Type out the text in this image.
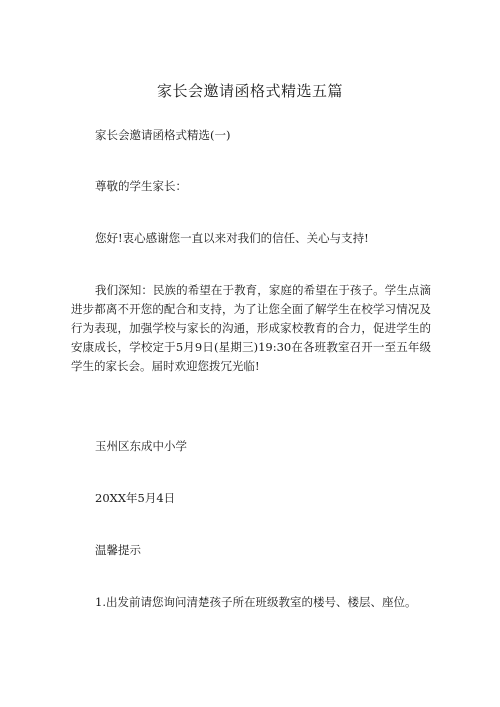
家长会邀请函格式精选五篇
家长会邀请函格式精选(一)
尊敬的学生家长：
您好!衷心感谢您一直以来对我们的信任、关心与支持!
我们深知：民族的希望在于教育，家庭的希望在于孩子。学生点滴进步都离不开您的配合和支持，为了让您全面了解学生在校学习情况及行为表现，加强学校与家长的沟通，形成家校教育的合力，促进学生的安康成长，学校定于5月9日(星期三)19:30在各班教室召开一至五年级学生的家长会。届时欢迎您拨冗光临!
玉州区东成中小学
20XX年5月4日
温馨提示
1.出发前请您询问清楚孩子所在班级教室的楼号、楼层、座位。
